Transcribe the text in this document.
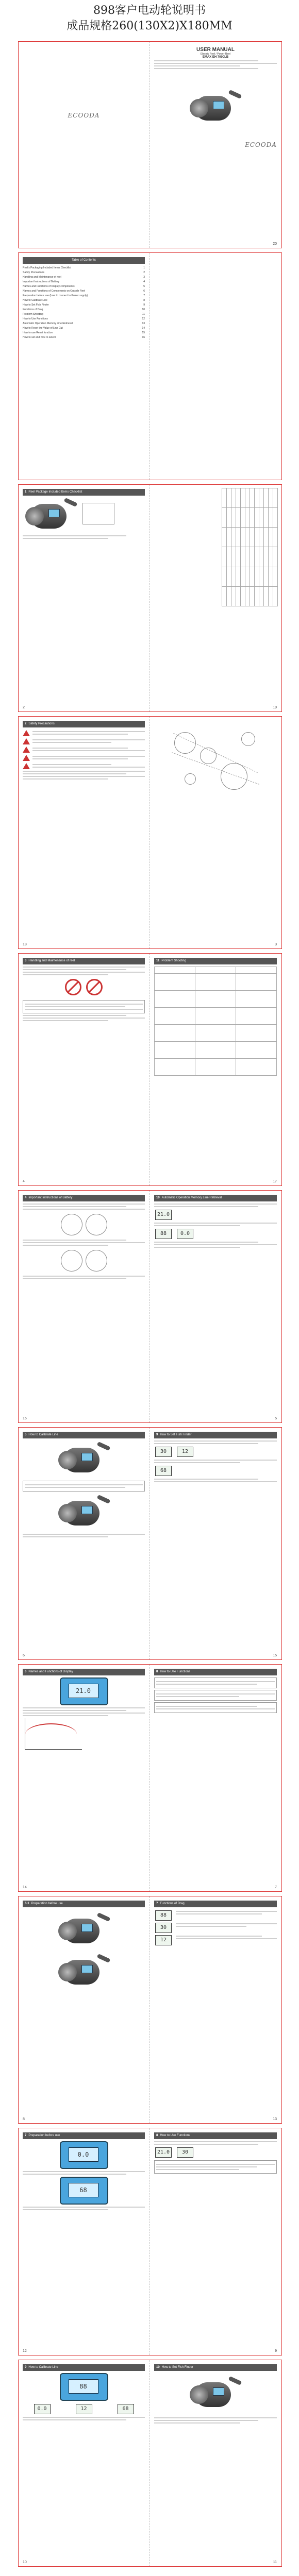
898客户电动轮说明书
成品规格260(130X2)X180MM
ECOODA
USER MANUAL
Electric Reel / Power Reel
EMAX EH 7000LB
ECOODA
20
Table of Contents
Reel's Packaging Included Items Checklist	1
Safety Precautions	2
Handling and Maintenance of reel	3
Important Instructions of Battery	4
Names and Functions of Display components	5
Names and Functions of Components on Outside Reel	6
Preparation before use (how to connect to Power supply)	7
How to Calibrate Line	8
How to Set Fish Finder	9
Functions of Drag	10
Problem Shooting	11
How to Use Functions	12
Automatic Operation Memory Line Retrieval	13
How to Reset the Value of Line Cut	14
How to use Reset function	15
How to set and how to select	16
1 Reel Package Included Items Checklist
2

						19
2 Safety Precautions
18	3
3 Handling and Maintenance of reel

4
11 Problem Shooting

17
4 Important Instructions of Battery
16
10 Automatic Operation Memory Line Retrieval
21.0
88	0.0
5
5 How to Calibrate Line
6
9 How to Set Fish Finder
30	12
68
15
6 Names and Functions of Display
21.0
14
8 How to Use Functions
7
6-1 Preparation before use
8
7 Functions of Drag
88
30
12
13
7 Preparation before use
0.0
68
12
8 How to Use Functions
21.0	30
9
9 How to Calibrate Line
88
0.0	12	68
10
10 How to Set Fish Finder
11
